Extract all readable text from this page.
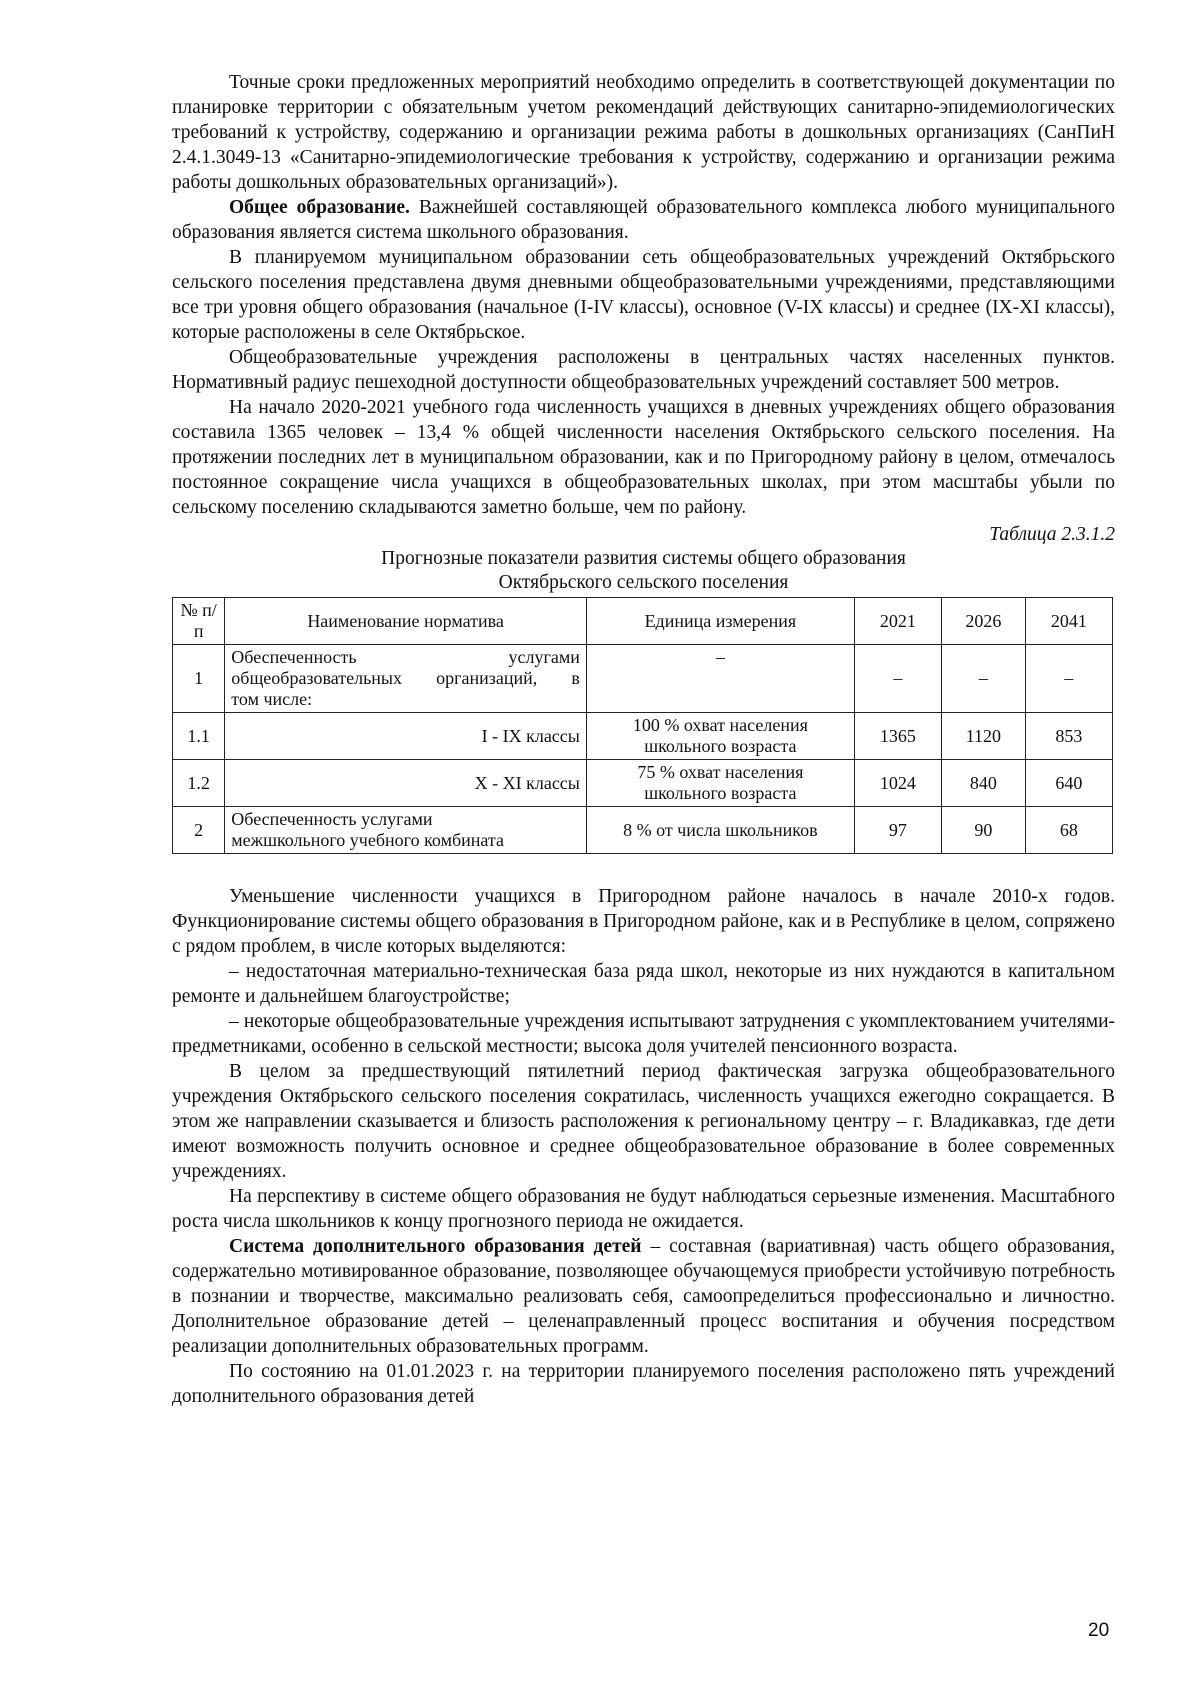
Точные сроки предложенных мероприятий необходимо определить в соответствующей документации по планировке территории с обязательным учетом рекомендаций действующих санитарно-эпидемиологических требований к устройству, содержанию и организации режима работы в дошкольных организациях (СанПиН 2.4.1.3049-13 «Санитарно-эпидемиологические требования к устройству, содержанию и организации режима работы дошкольных образовательных организаций»).

Общее образование. Важнейшей составляющей образовательного комплекса любого муниципального образования является система школьного образования.

В планируемом муниципальном образовании сеть общеобразовательных учреждений Октябрьского сельского поселения представлена двумя дневными общеобразовательными учреждениями, представляющими все три уровня общего образования (начальное (I-IV классы), основное (V-IX классы) и среднее (IX-XI классы), которые расположены в селе Октябрьское.

Общеобразовательные учреждения расположены в центральных частях населенных пунктов. Нормативный радиус пешеходной доступности общеобразовательных учреждений составляет 500 метров.

На начало 2020-2021 учебного года численность учащихся в дневных учреждениях общего образования составила 1365 человек – 13,4 % общей численности населения Октябрьского сельского поселения. На протяжении последних лет в муниципальном образовании, как и по Пригородному району в целом, отмечалось постоянное сокращение числа учащихся в общеобразовательных школах, при этом масштабы убыли по сельскому поселению складываются заметно больше, чем по району.

Таблица 2.3.1.2

Прогнозные показатели развития системы общего образования

Октябрьского сельского поселения

№ п/п	Наименование норматива	Единица измерения	2021	2026	2041
1	Обеспеченность услугами
общеобразовательных организаций, в
том числе:	–	–	–	–
1.1	I - IX классы	100 % охват населения
школьного возраста	1365	1120	853
1.2	X - XI классы	75 % охват населения
школьного возраста	1024	840	640
2	Обеспеченность услугами
межшкольного учебного комбината	8 % от числа школьников	97	90	68

Уменьшение численности учащихся в Пригородном районе началось в начале 2010-х годов. Функционирование системы общего образования в Пригородном районе, как и в Республике в целом, сопряжено с рядом проблем, в числе которых выделяются:

– недостаточная материально-техническая база ряда школ, некоторые из них нуждаются в капитальном ремонте и дальнейшем благоустройстве;

– некоторые общеобразовательные учреждения испытывают затруднения с укомплектованием учителями-предметниками, особенно в сельской местности; высока доля учителей пенсионного возраста.

В целом за предшествующий пятилетний период фактическая загрузка общеобразовательного учреждения Октябрьского сельского поселения сократилась, численность учащихся ежегодно сокращается. В этом же направлении сказывается и близость расположения к региональному центру – г. Владикавказ, где дети имеют возможность получить основное и среднее общеобразовательное образование в более современных учреждениях.

На перспективу в системе общего образования не будут наблюдаться серьезные изменения. Масштабного роста числа школьников к концу прогнозного периода не ожидается.

Система дополнительного образования детей – составная (вариативная) часть общего образования, содержательно мотивированное образование, позволяющее обучающемуся приобрести устойчивую потребность в познании и творчестве, максимально реализовать себя, самоопределиться профессионально и личностно. Дополнительное образование детей – целенаправленный процесс воспитания и обучения посредством реализации дополнительных образовательных программ.

По состоянию на 01.01.2023 г. на территории планируемого поселения расположено пять учреждений дополнительного образования детей

20
